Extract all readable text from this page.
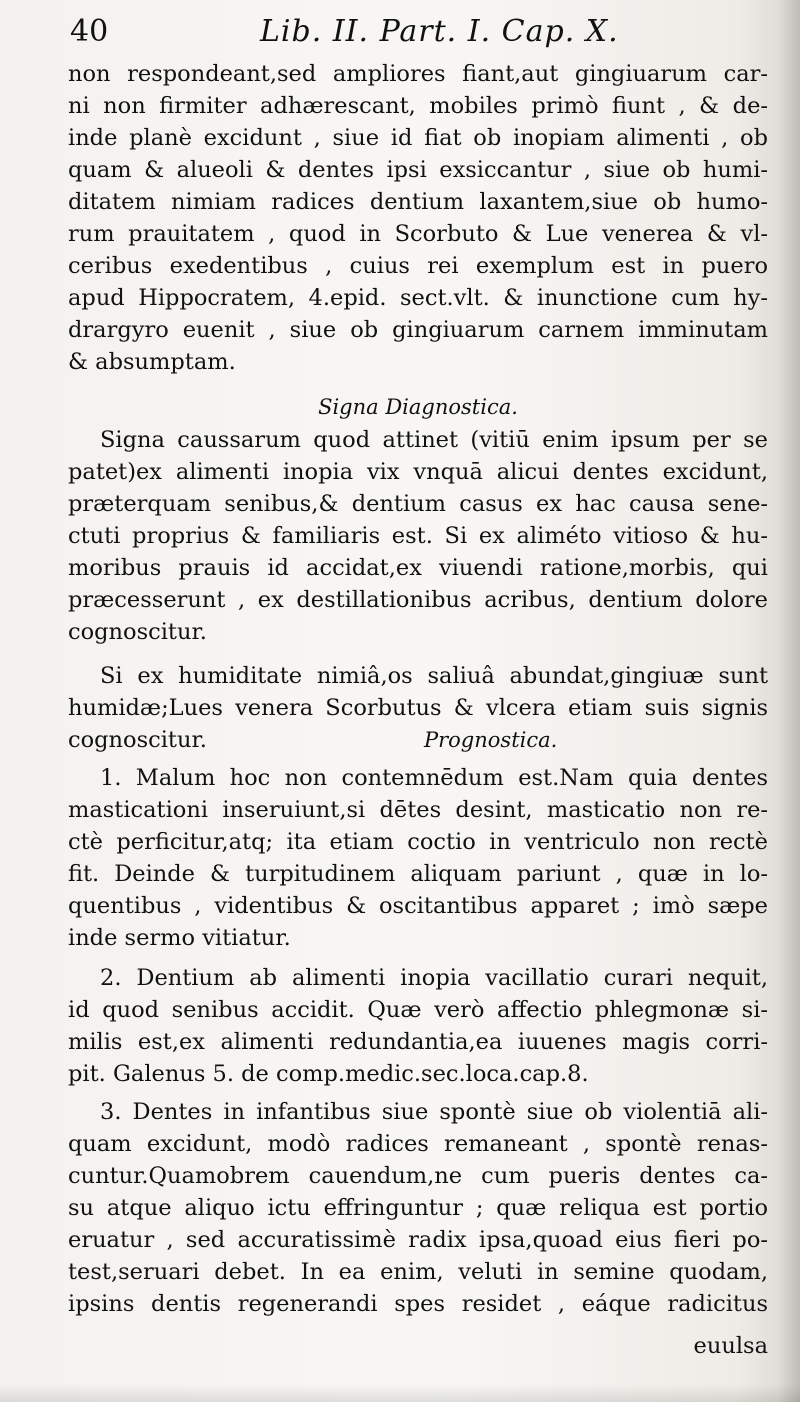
40	Lib. II. Part. I. Cap. X.
non respondeant,sed ampliores fiant,aut gingiuarum car-
ni non firmiter adhærescant, mobiles primò fiunt , & de-
inde planè excidunt , siue id fiat ob inopiam alimenti , ob
quam & alueoli & dentes ipsi exsiccantur , siue ob humi-
ditatem nimiam radices dentium laxantem,siue ob humo-
rum prauitatem , quod in Scorbuto & Lue venerea & vl-
ceribus exedentibus , cuius rei exemplum est in puero
apud Hippocratem, 4.epid. sect.vlt. & inunctione cum hy-
drargyro euenit , siue ob gingiuarum carnem imminutam
& absumptam.
Signa Diagnostica.
Signa caussarum quod attinet (vitiū enim ipsum per se
patet)ex alimenti inopia vix vnquā alicui dentes excidunt,
præterquam senibus,& dentium casus ex hac causa sene-
ctuti proprius & familiaris est. Si ex aliméto vitioso & hu-
moribus prauis id accidat,ex viuendi ratione,morbis, qui
præcesserunt , ex destillationibus acribus, dentium dolore
cognoscitur.
Si ex humiditate nimiâ,os saliuâ abundat,gingiuæ sunt
humidæ;Lues venera Scorbutus & vlcera etiam suis signis
cognoscitur.	Prognostica.
1. Malum hoc non contemnēdum est.Nam quia dentes
masticationi inseruiunt,si dētes desint, masticatio non re-
ctè perficitur,atq; ita etiam coctio in ventriculo non rectè
fit. Deinde & turpitudinem aliquam pariunt , quæ in lo-
quentibus , videntibus & oscitantibus apparet ; imò sæpe
inde sermo vitiatur.
2. Dentium ab alimenti inopia vacillatio curari nequit,
id quod senibus accidit. Quæ verò affectio phlegmonæ si-
milis est,ex alimenti redundantia,ea iuuenes magis corri-
pit. Galenus 5. de comp.medic.sec.loca.cap.8.
3. Dentes in infantibus siue spontè siue ob violentiā ali-
quam excidunt, modò radices remaneant , spontè renas-
cuntur.Quamobrem cauendum,ne cum pueris dentes ca-
su atque aliquo ictu effringuntur ; quæ reliqua est portio
eruatur , sed accuratissimè radix ipsa,quoad eius fieri po-
test,seruari debet. In ea enim, veluti in semine quodam,
ipsins dentis regenerandi spes residet , eáque radicitus
euulsa
